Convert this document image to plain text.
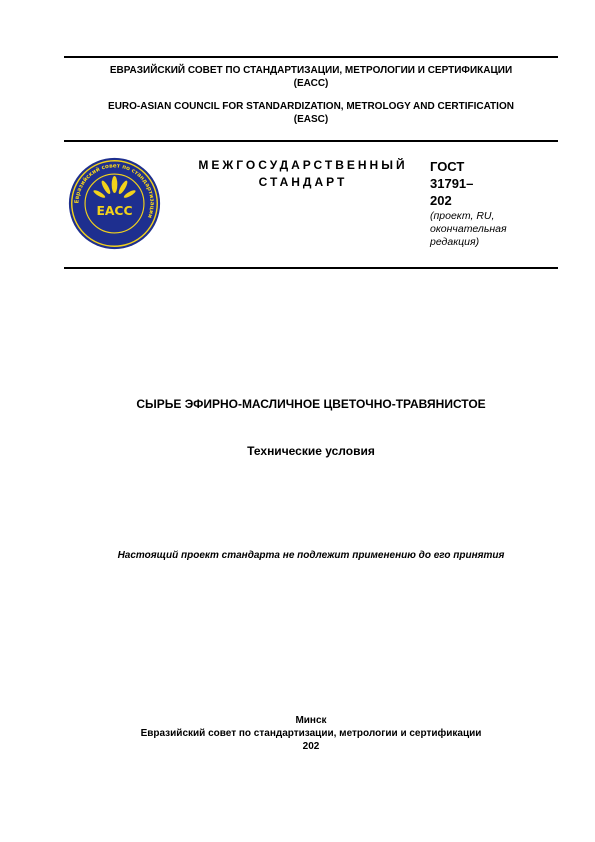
ЕВРАЗИЙСКИЙ СОВЕТ ПО СТАНДАРТИЗАЦИИ, МЕТРОЛОГИИ И СЕРТИФИКАЦИИ
(ЕАСС)
EURO-ASIAN COUNCIL FOR STANDARDIZATION, METROLOGY AND CERTIFICATION
(EASC)
Евразийский совет по стандартизации
EACC
МЕЖГОСУДАРСТВЕННЫЙ
СТАНДАРТ
ГОСТ
31791–
202
(проект, RU,
окончательная
редакция)
СЫРЬЕ ЭФИРНО-МАСЛИЧНОЕ ЦВЕТОЧНО-ТРАВЯНИСТОЕ
Технические условия
Настоящий проект стандарта не подлежит применению до его принятия
Минск
Евразийский совет по стандартизации, метрологии и сертификации
202
